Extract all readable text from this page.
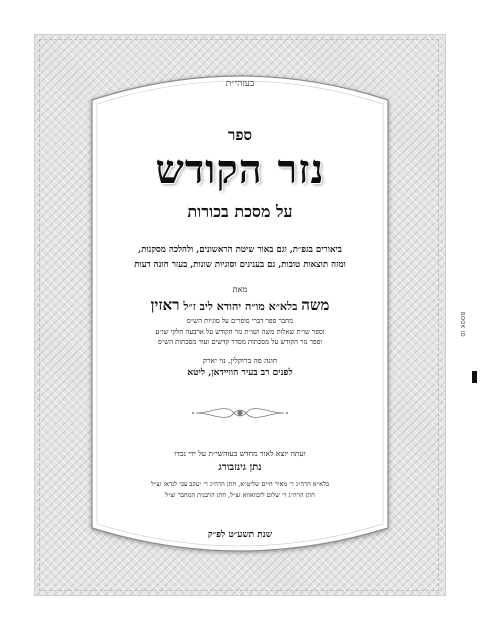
בעזהי״ת
ספר
נזר הקודש
על מסכת בכורות
ביאורים בגפ״ת, וגם באור שיטת הראשונים, ולהלכה מסקנות,
ומזה תוצאות טובות, גם בענינים וסוגיות שונות, בעזר חונה דעות
מאת
משה בלא״א מו״ה יהודא ליב ז״ל ראזין
מחבר ספר דברי סופרים על סוגיות הש״ס
וספר שו״ת שאלות משה ושו״ת נזר הקודש על ארבעה חלקי שו״ע
וספר נזר הקודש על מסכתות מסדר קדשים ועוד מסכתות הש״ס
חונה פה ברוקלין, נוי יארק
לפנים רב בעיר הוויידאן, ליטא
ועתה יוצא לאור מחדש בעזהשי״ת על ידי נכדו
נתן גינזבורג
בלא״א הרה״ג ר׳ מאיר חיים שליט״א, חתן הרה״ג ר׳ יעקב צבי לנדאו זצ״ל
חתן הרה״ג ר׳ שלום ליבוואווא זצ״ל, חתן הרבנית המחבר זצ״ל
שנת תשע״ט לפ״ק
ROOK ID
